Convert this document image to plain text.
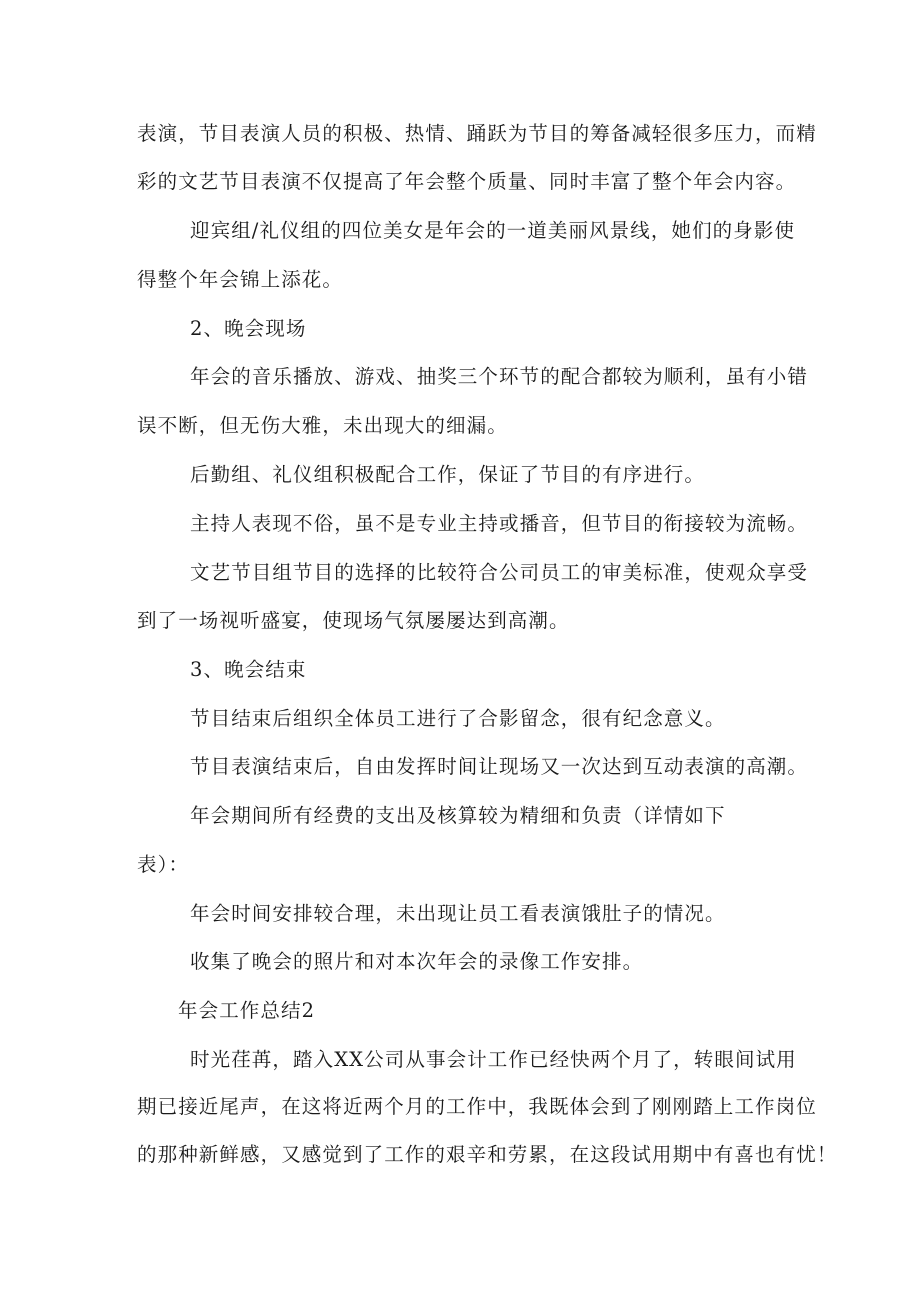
表演，节目表演人员的积极、热情、踊跃为节目的筹备减轻很多压力，而精
彩的文艺节目表演不仅提高了年会整个质量、同时丰富了整个年会内容。
迎宾组/礼仪组的四位美女是年会的一道美丽风景线，她们的身影使
得整个年会锦上添花。
2、晚会现场
年会的音乐播放、游戏、抽奖三个环节的配合都较为顺利，虽有小错
误不断，但无伤大雅，未出现大的细漏。
后勤组、礼仪组积极配合工作，保证了节目的有序进行。
主持人表现不俗，虽不是专业主持或播音，但节目的衔接较为流畅。
文艺节目组节目的选择的比较符合公司员工的审美标准，使观众享受
到了一场视听盛宴，使现场气氛屡屡达到高潮。
3、晚会结束
节目结束后组织全体员工进行了合影留念，很有纪念意义。
节目表演结束后，自由发挥时间让现场又一次达到互动表演的高潮。
年会期间所有经费的支出及核算较为精细和负责（详情如下
表）：
年会时间安排较合理，未出现让员工看表演饿肚子的情况。
收集了晚会的照片和对本次年会的录像工作安排。
年会工作总结2
时光荏苒，踏入XX公司从事会计工作已经快两个月了，转眼间试用
期已接近尾声，在这将近两个月的工作中，我既体会到了刚刚踏上工作岗位
的那种新鲜感，又感觉到了工作的艰辛和劳累，在这段试用期中有喜也有忧！
